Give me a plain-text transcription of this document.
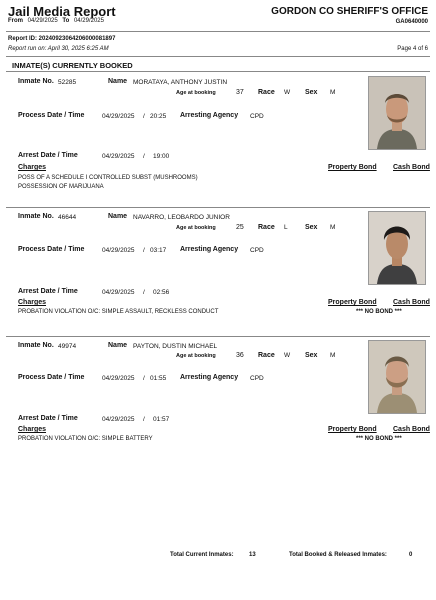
Jail Media Report	GORDON CO SHERIFF'S OFFICE
GA0640000
From 04/29/2025 To 04/29/2025
Report ID: 20240923064206000081897
Report run on: April 30, 2025 6:25 AM	Page 4 of 6
INMATE(S) CURRENTLY BOOKED
Inmate No. 52285	Name MORATAYA, ANTHONY JUSTIN
Age at booking	37 Race W Sex M
Process Date / Time	04/29/2025 / 20:25 Arresting Agency CPD
Arrest Date / Time	04/29/2025 / 19:00
Charges	Property Bond Cash Bond
POSS OF A SCHEDULE I CONTROLLED SUBST (MUSHROOMS)
POSSESSION OF MARIJUANA
Inmate No. 46644	Name NAVARRO, LEOBARDO JUNIOR
Age at booking	25 Race L Sex M
Process Date / Time	04/29/2025 / 03:17 Arresting Agency CPD
Arrest Date / Time	04/29/2025 / 02:56
Charges	Property Bond Cash Bond
PROBATION VIOLATION O/C: SIMPLE ASSAULT, RECKLESS CONDUCT	*** NO BOND ***
Inmate No. 49974	Name PAYTON, DUSTIN MICHAEL
Age at booking	36 Race W Sex M
Process Date / Time	04/29/2025 / 01:55 Arresting Agency CPD
Arrest Date / Time	04/29/2025 / 01:57
Charges	Property Bond Cash Bond
PROBATION VIOLATION O/C: SIMPLE BATTERY	*** NO BOND ***
Total Current Inmates:	13	Total Booked & Released Inmates:	0
